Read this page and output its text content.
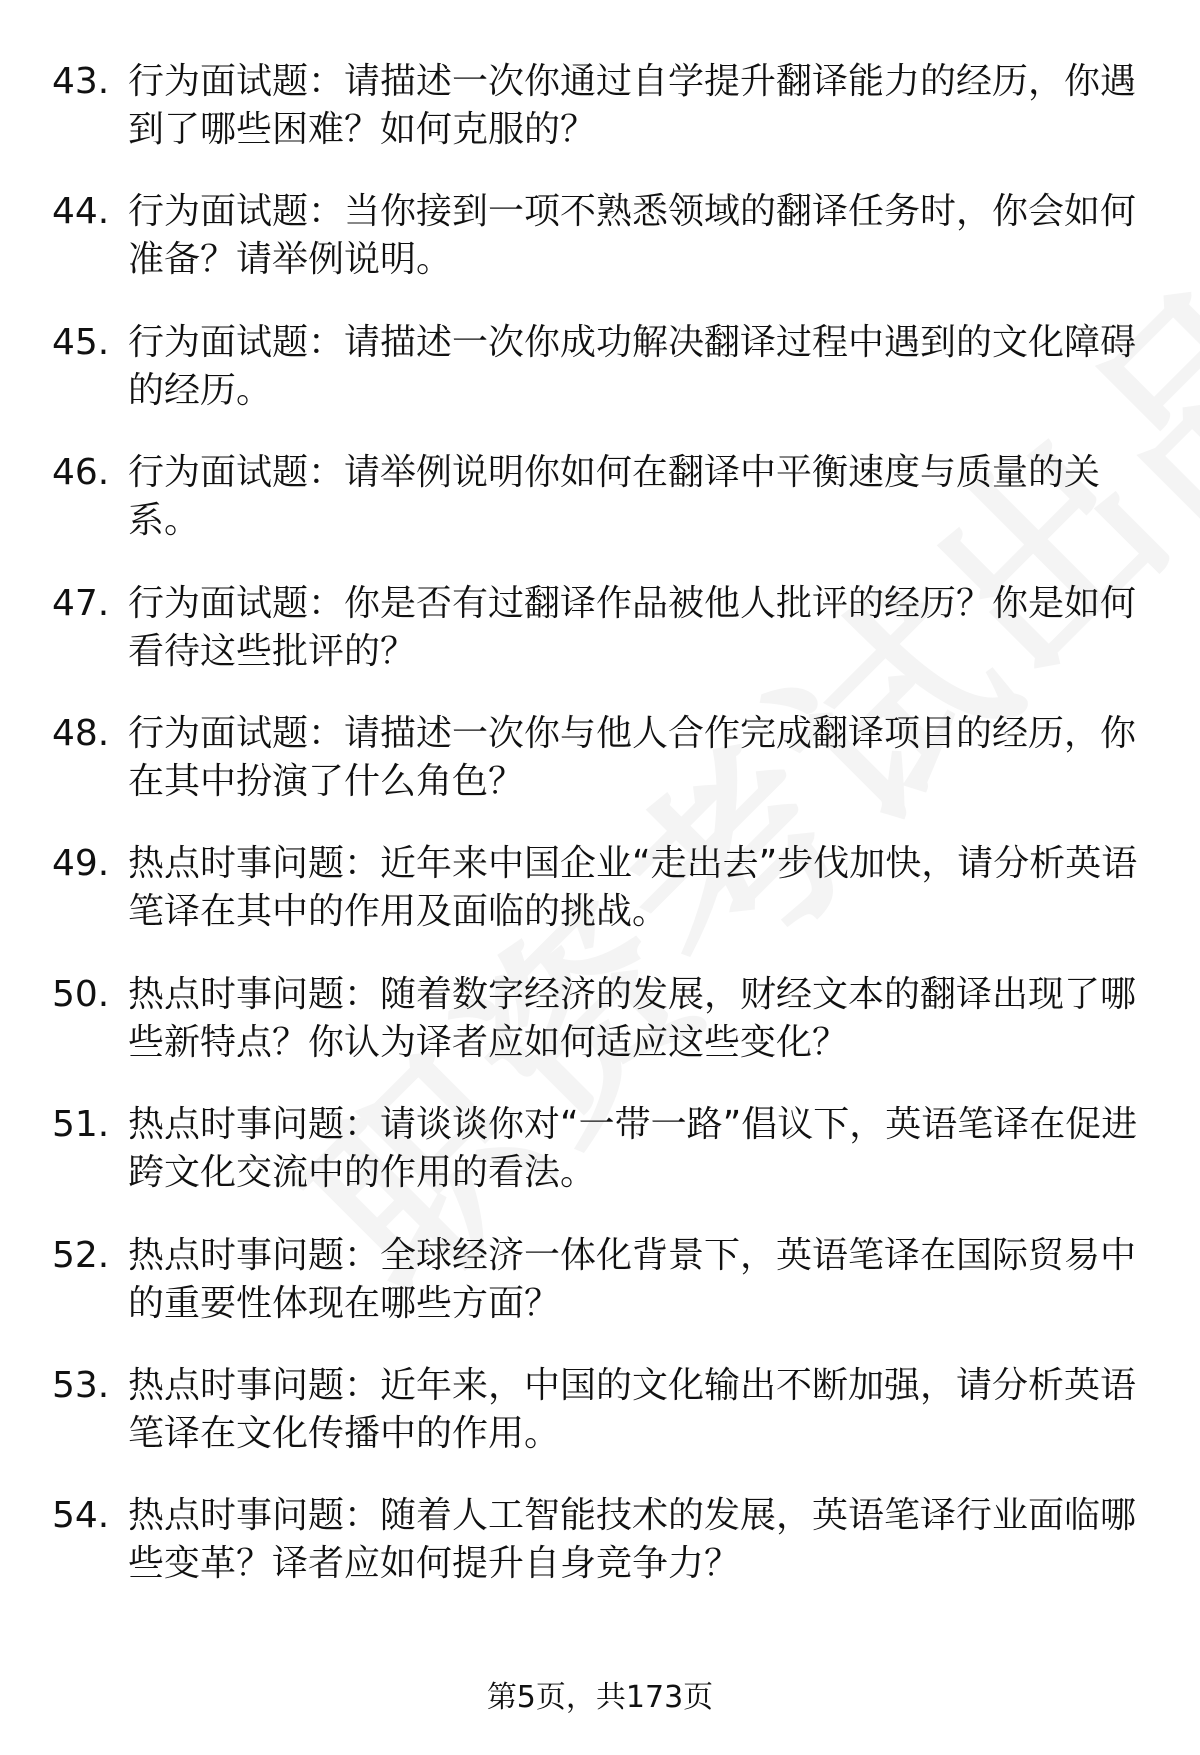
43. 行为面试题：请描述一次你通过自学提升翻译能力的经历，你遇到了哪些困难？如何克服的？
44. 行为面试题：当你接到一项不熟悉领域的翻译任务时，你会如何准备？请举例说明。
45. 行为面试题：请描述一次你成功解决翻译过程中遇到的文化障碍的经历。
46. 行为面试题：请举例说明你如何在翻译中平衡速度与质量的关系。
47. 行为面试题：你是否有过翻译作品被他人批评的经历？你是如何看待这些批评的？
48. 行为面试题：请描述一次你与他人合作完成翻译项目的经历，你在其中扮演了什么角色？
49. 热点时事问题：近年来中国企业“走出去”步伐加快，请分析英语笔译在其中的作用及面临的挑战。
50. 热点时事问题：随着数字经济的发展，财经文本的翻译出现了哪些新特点？你认为译者应如何适应这些变化？
51. 热点时事问题：请谈谈你对“一带一路”倡议下，英语笔译在促进跨文化交流中的作用的看法。
52. 热点时事问题：全球经济一体化背景下，英语笔译在国际贸易中的重要性体现在哪些方面？
53. 热点时事问题：近年来，中国的文化输出不断加强，请分析英语笔译在文化传播中的作用。
54. 热点时事问题：随着人工智能技术的发展，英语笔译行业面临哪些变革？译者应如何提升自身竞争力？
第5页，共173页
